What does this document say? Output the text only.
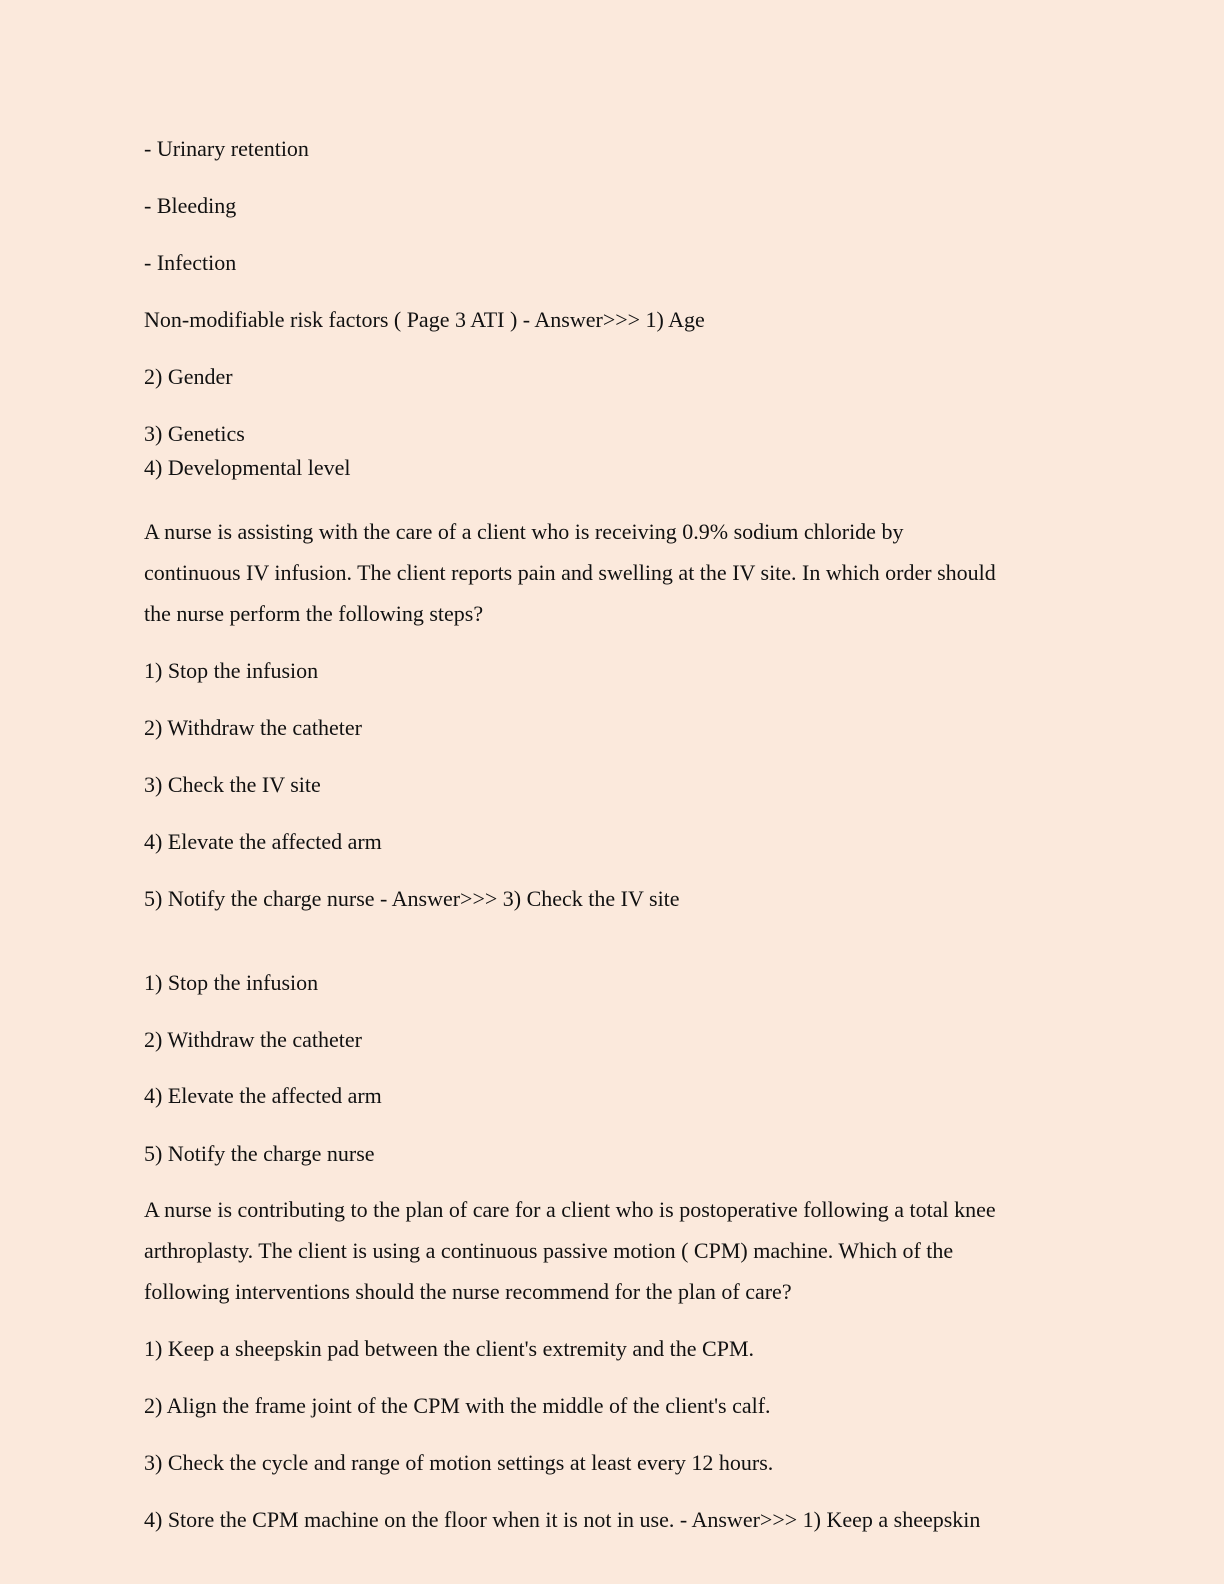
- Urinary retention
- Bleeding
- Infection
Non-modifiable risk factors ( Page 3 ATI ) - Answer>>> 1) Age
2) Gender
3) Genetics
4) Developmental level
A nurse is assisting with the care of a client who is receiving 0.9% sodium chloride by
continuous IV infusion. The client reports pain and swelling at the IV site. In which order should
the nurse perform the following steps?
1) Stop the infusion
2) Withdraw the catheter
3) Check the IV site
4) Elevate the affected arm
5) Notify the charge nurse - Answer>>> 3) Check the IV site
1) Stop the infusion
2) Withdraw the catheter
4) Elevate the affected arm
5) Notify the charge nurse
A nurse is contributing to the plan of care for a client who is postoperative following a total knee
arthroplasty. The client is using a continuous passive motion ( CPM) machine. Which of the
following interventions should the nurse recommend for the plan of care?
1) Keep a sheepskin pad between the client's extremity and the CPM.
2) Align the frame joint of the CPM with the middle of the client's calf.
3) Check the cycle and range of motion settings at least every 12 hours.
4) Store the CPM machine on the floor when it is not in use. - Answer>>> 1) Keep a sheepskin
